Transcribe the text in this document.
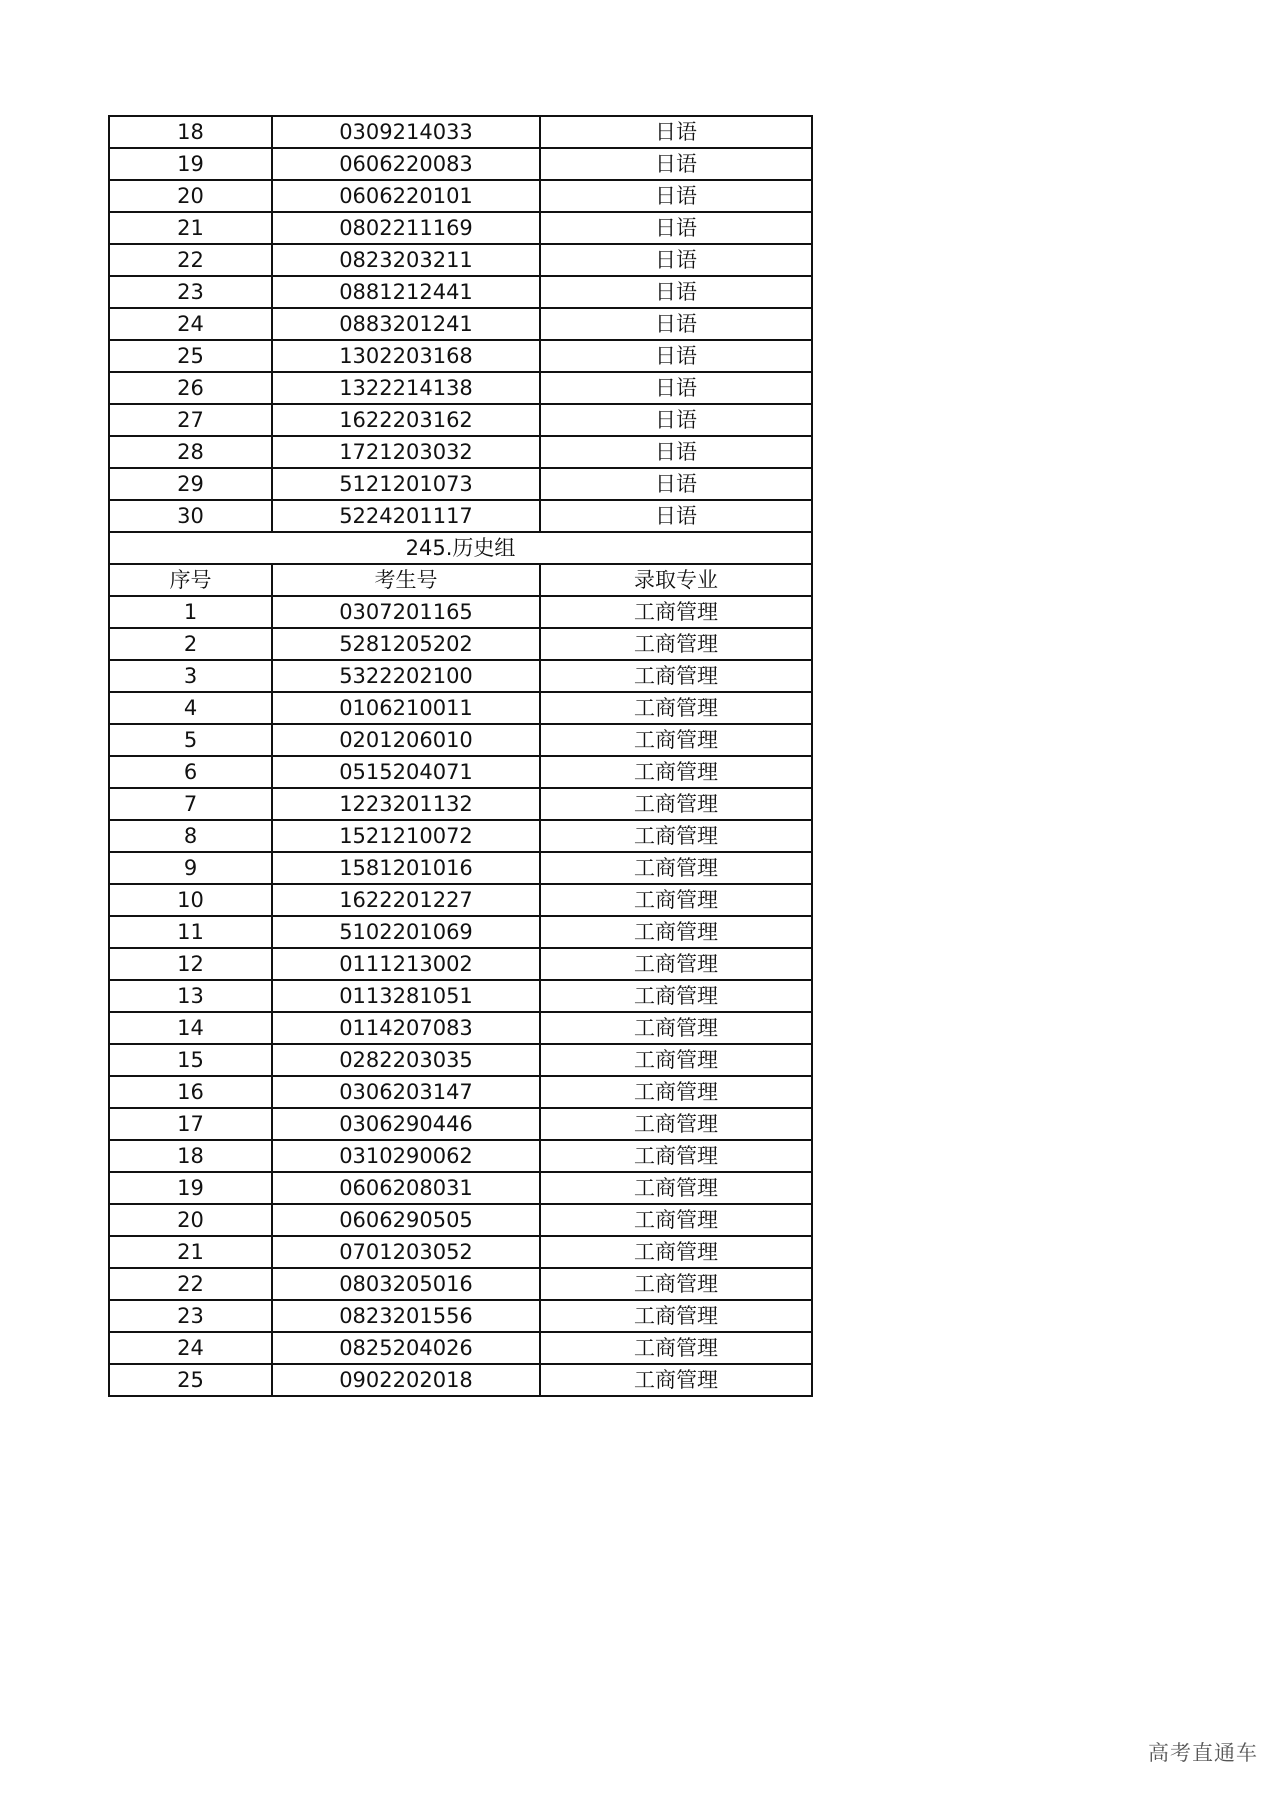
18	0309214033	日语
19	0606220083	日语
20	0606220101	日语
21	0802211169	日语
22	0823203211	日语
23	0881212441	日语
24	0883201241	日语
25	1302203168	日语
26	1322214138	日语
27	1622203162	日语
28	1721203032	日语
29	5121201073	日语
30	5224201117	日语
245.历史组		
序号	考生号	录取专业
1	0307201165	工商管理
2	5281205202	工商管理
3	5322202100	工商管理
4	0106210011	工商管理
5	0201206010	工商管理
6	0515204071	工商管理
7	1223201132	工商管理
8	1521210072	工商管理
9	1581201016	工商管理
10	1622201227	工商管理
11	5102201069	工商管理
12	0111213002	工商管理
13	0113281051	工商管理
14	0114207083	工商管理
15	0282203035	工商管理
16	0306203147	工商管理
17	0306290446	工商管理
18	0310290062	工商管理
19	0606208031	工商管理
20	0606290505	工商管理
21	0701203052	工商管理
22	0803205016	工商管理
23	0823201556	工商管理
24	0825204026	工商管理
25	0902202018	工商管理
高考直通车
